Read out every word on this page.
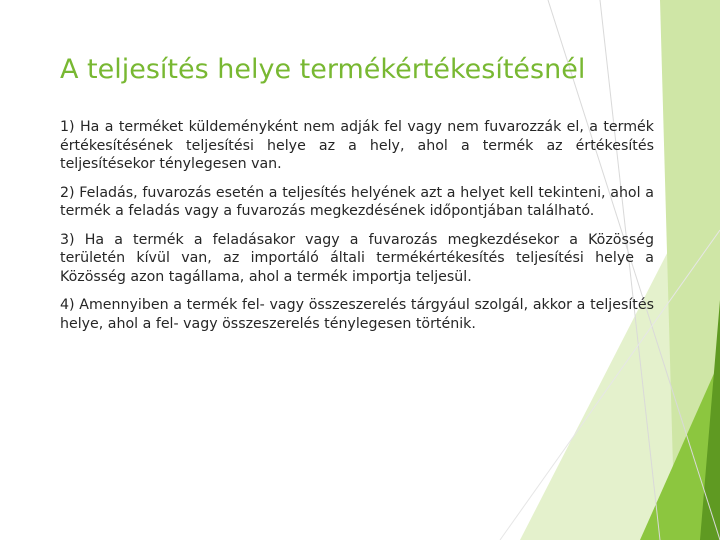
A teljesítés helye termékértékesítésnél

1) Ha a terméket küldeményként nem adják fel vagy nem fuvarozzák el, a termék értékesítésének teljesítési helye az a hely, ahol a termék az értékesítés teljesítésekor ténylegesen van.

2) Feladás, fuvarozás esetén a teljesítés helyének azt a helyet kell tekinteni, ahol a termék a feladás vagy a fuvarozás megkezdésének időpontjában található.

3) Ha a termék a feladásakor vagy a fuvarozás megkezdésekor a Közösség területén kívül van, az importáló általi termékértékesítés teljesítési helye a Közösség azon tagállama, ahol a termék importja teljesül.

4) Amennyiben a termék fel- vagy összeszerelés tárgyául szolgál, akkor a teljesítés helye, ahol a fel- vagy összeszerelés ténylegesen történik.
